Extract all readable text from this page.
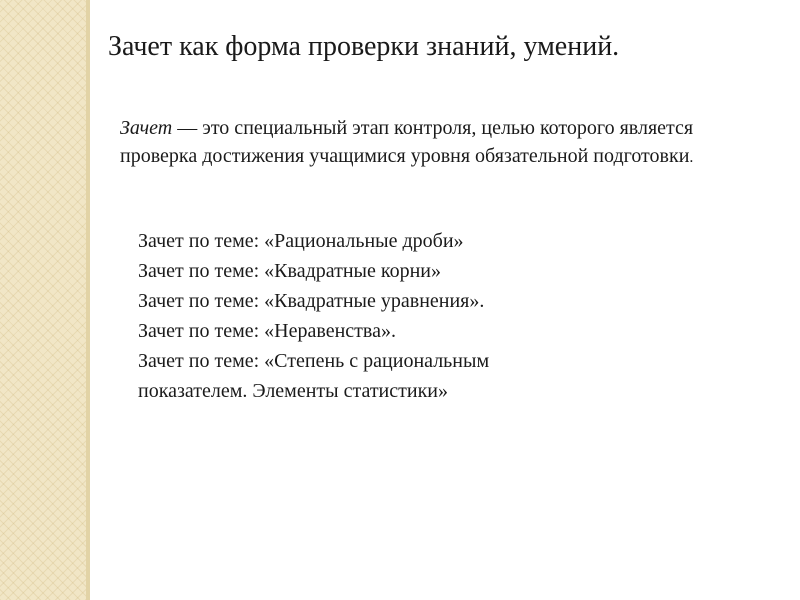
Зачет как форма проверки знаний, умений.

Зачет — это специальный этап контроля, целью которого является проверка достижения учащимися уровня обязательной подготовки.

Зачет по теме: «Рациональные дроби»
Зачет по теме: «Квадратные корни»
Зачет по теме: «Квадратные уравнения».
Зачет по теме: «Неравенства».
Зачет по теме: «Степень с рациональным показателем. Элементы статистики»
